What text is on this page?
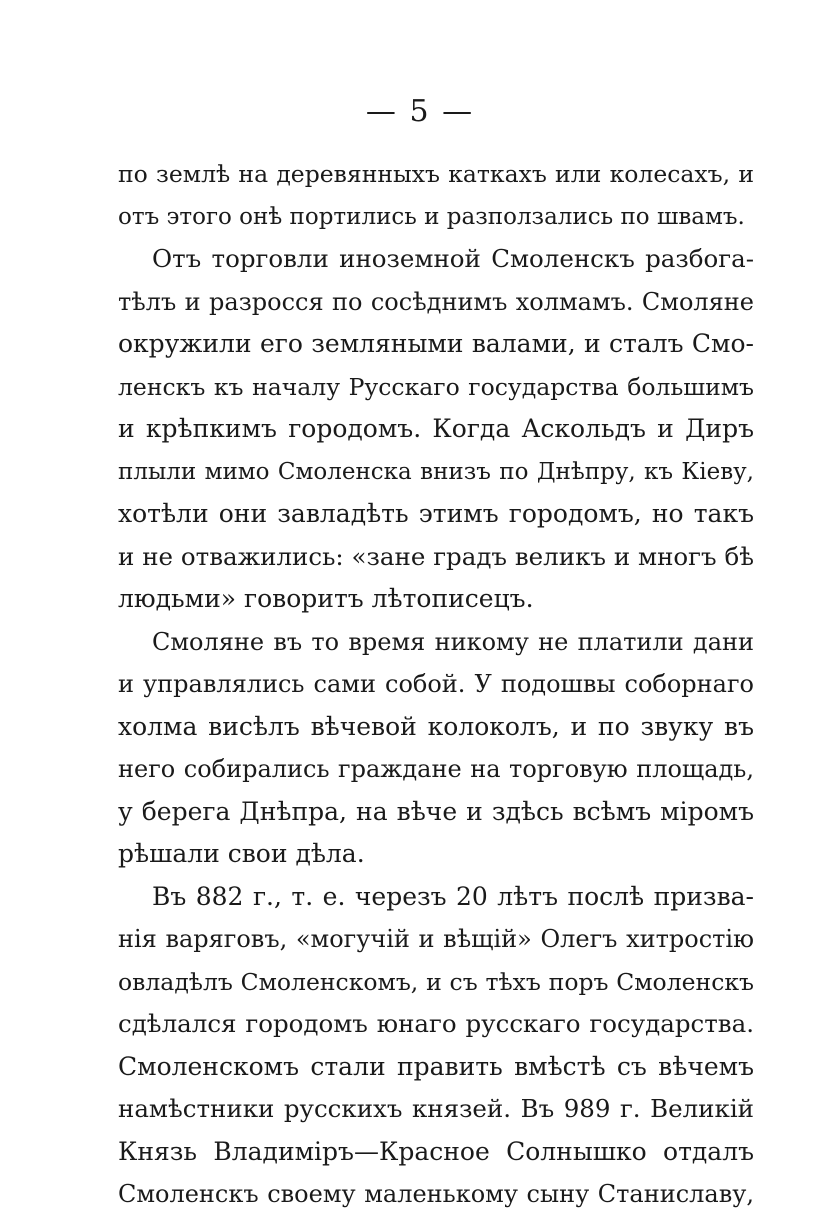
— 5 —
по землѣ на деревянныхъ каткахъ или колесахъ, и
отъ этого онѣ портились и разползались по швамъ.
Отъ торговли иноземной Смоленскъ разбога-
тѣлъ и разросся по сосѣднимъ холмамъ. Смоляне
окружили его земляными валами, и сталъ Смо-
ленскъ къ началу Русскаго государства большимъ
и крѣпкимъ городомъ. Когда Аскольдъ и Диръ
плыли мимо Смоленска внизъ по Днѣпру, къ Кіеву,
хотѣли они завладѣть этимъ городомъ, но такъ
и не отважились: «зане градъ великъ и многъ бѣ
людьми» говоритъ лѣтописецъ.
Смоляне въ то время никому не платили дани
и управлялись сами собой. У подошвы соборнаго
холма висѣлъ вѣчевой колоколъ, и по звуку въ
него собирались граждане на торговую площадь,
у берега Днѣпра, на вѣче и здѣсь всѣмъ міромъ
рѣшали свои дѣла.
Въ 882 г., т. е. черезъ 20 лѣтъ послѣ призва-
нія варяговъ, «могучій и вѣщій» Олегъ хитростію
овладѣлъ Смоленскомъ, и съ тѣхъ поръ Смоленскъ
сдѣлался городомъ юнаго русскаго государства.
Смоленскомъ стали править вмѣстѣ съ вѣчемъ
намѣстники русскихъ князей. Въ 989 г. Великій
Князь Владиміръ—Красное Солнышко отдалъ
Смоленскъ своему маленькому сыну Станиславу,
